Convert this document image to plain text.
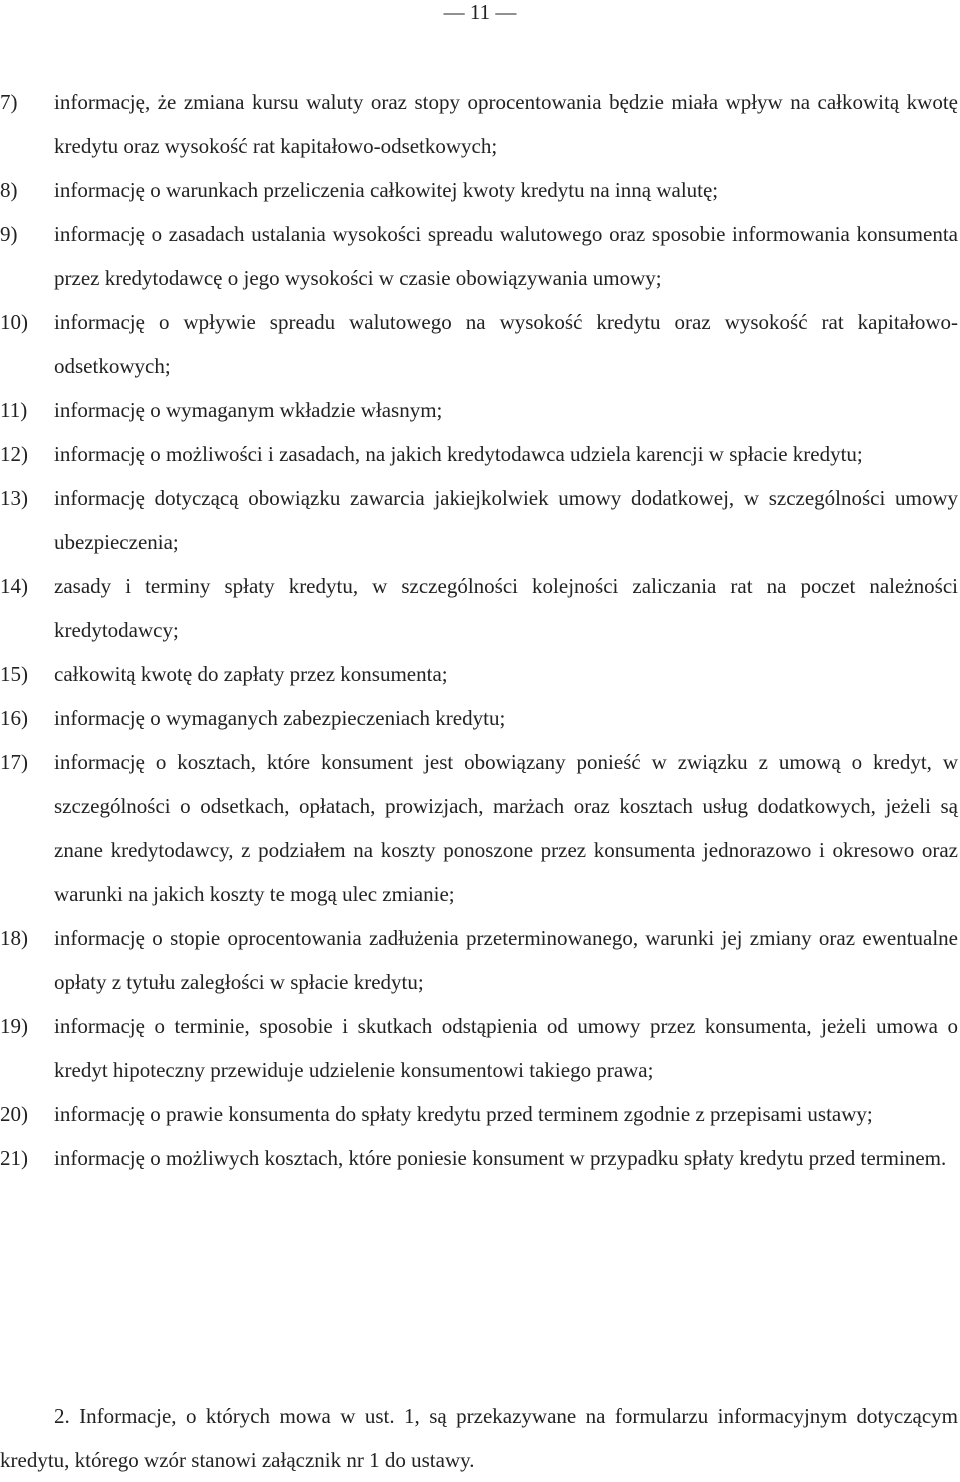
— 11 —
7) informację, że zmiana kursu waluty oraz stopy oprocentowania będzie miała wpływ na całkowitą kwotę kredytu oraz wysokość rat kapitałowo-odsetkowych;
8) informację o warunkach przeliczenia całkowitej kwoty kredytu na inną walutę;
9) informację o zasadach ustalania wysokości spreadu walutowego oraz sposobie informowania konsumenta przez kredytodawcę o jego wysokości w czasie obowiązywania umowy;
10) informację o wpływie spreadu walutowego na wysokość kredytu oraz wysokość rat kapitałowo-odsetkowych;
11) informację o wymaganym wkładzie własnym;
12) informację o możliwości i zasadach, na jakich kredytodawca udziela karencji w spłacie kredytu;
13) informację dotyczącą obowiązku zawarcia jakiejkolwiek umowy dodatkowej, w szczególności umowy ubezpieczenia;
14) zasady i terminy spłaty kredytu, w szczególności kolejności zaliczania rat na poczet należności kredytodawcy;
15) całkowitą kwotę do zapłaty przez konsumenta;
16) informację o wymaganych zabezpieczeniach kredytu;
17) informację o kosztach, które konsument jest obowiązany ponieść w związku z umową o kredyt, w szczególności o odsetkach, opłatach, prowizjach, marżach oraz kosztach usług dodatkowych, jeżeli są znane kredytodawcy, z podziałem na koszty ponoszone przez konsumenta jednorazowo i okresowo oraz warunki na jakich koszty te mogą ulec zmianie;
18) informację o stopie oprocentowania zadłużenia przeterminowanego, warunki jej zmiany oraz ewentualne opłaty z tytułu zaległości w spłacie kredytu;
19) informację o terminie, sposobie i skutkach odstąpienia od umowy przez konsumenta, jeżeli umowa o kredyt hipoteczny przewiduje udzielenie konsumentowi takiego prawa;
20) informację o prawie konsumenta do spłaty kredytu przed terminem zgodnie z przepisami ustawy;
21) informację o możliwych kosztach, które poniesie konsument w przypadku spłaty kredytu przed terminem.

2. Informacje, o których mowa w ust. 1, są przekazywane na formularzu informacyjnym dotyczącym kredytu, którego wzór stanowi załącznik nr 1 do ustawy.
